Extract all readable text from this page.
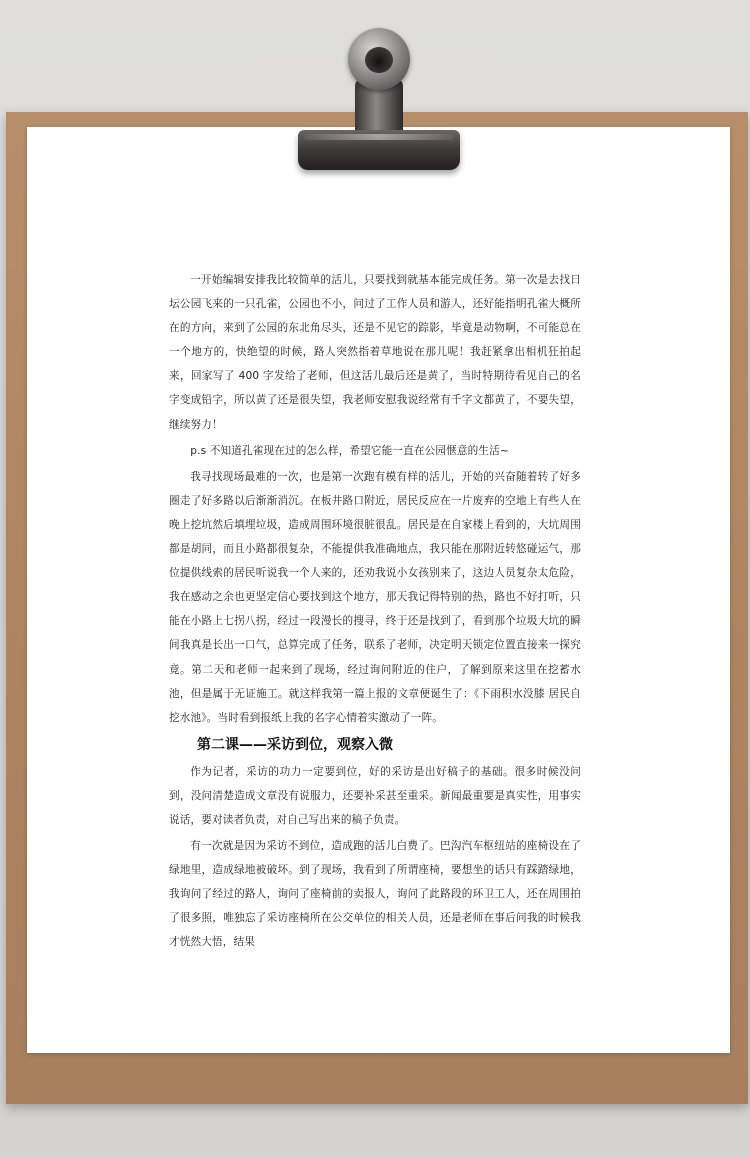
一开始编辑安排我比较简单的活儿，只要找到就基本能完成任务。第一次是去找日坛公园飞来的一只孔雀，公园也不小，问过了工作人员和游人，还好能指明孔雀大概所在的方向，来到了公园的东北角尽头，还是不见它的踪影，毕竟是动物啊，不可能总在一个地方的，快绝望的时候，路人突然指着草地说在那儿呢！我赶紧拿出相机狂拍起来，回家写了 400 字发给了老师，但这活儿最后还是黄了，当时特期待看见自己的名字变成铅字，所以黄了还是很失望，我老师安慰我说经常有千字文都黄了，不要失望，继续努力！

p.s 不知道孔雀现在过的怎么样，希望它能一直在公园惬意的生活~

我寻找现场最难的一次，也是第一次跑有模有样的活儿，开始的兴奋随着转了好多圈走了好多路以后渐渐消沉。在板井路口附近，居民反应在一片废弃的空地上有些人在晚上挖坑然后填埋垃圾，造成周围环境很脏很乱。居民是在自家楼上看到的，大坑周围都是胡同，而且小路都很复杂，不能提供我准确地点，我只能在那附近转悠碰运气，那位提供线索的居民听说我一个人来的，还劝我说小女孩别来了，这边人员复杂太危险，我在感动之余也更坚定信心要找到这个地方，那天我记得特别的热，路也不好打听，只能在小路上七拐八拐，经过一段漫长的搜寻，终于还是找到了，看到那个垃圾大坑的瞬间我真是长出一口气，总算完成了任务，联系了老师，决定明天锁定位置直接来一探究竟。第二天和老师一起来到了现场，经过询问附近的住户，了解到原来这里在挖蓄水池，但是属于无证施工。就这样我第一篇上报的文章便诞生了：《下雨积水没膝 居民自挖水池》。当时看到报纸上我的名字心情着实激动了一阵。

第二课——采访到位，观察入微

作为记者，采访的功力一定要到位，好的采访是出好稿子的基础。很多时候没问到，没问清楚造成文章没有说服力，还要补采甚至重采。新闻最重要是真实性，用事实说话，要对读者负责，对自己写出来的稿子负责。

有一次就是因为采访不到位，造成跑的活儿白费了。巴沟汽车枢纽站的座椅设在了绿地里，造成绿地被破坏。到了现场，我看到了所谓座椅，要想坐的话只有踩踏绿地，我询问了经过的路人，询问了座椅前的卖报人，询问了此路段的环卫工人，还在周围拍了很多照，唯独忘了采访座椅所在公交单位的相关人员，还是老师在事后问我的时候我才恍然大悟，结果
